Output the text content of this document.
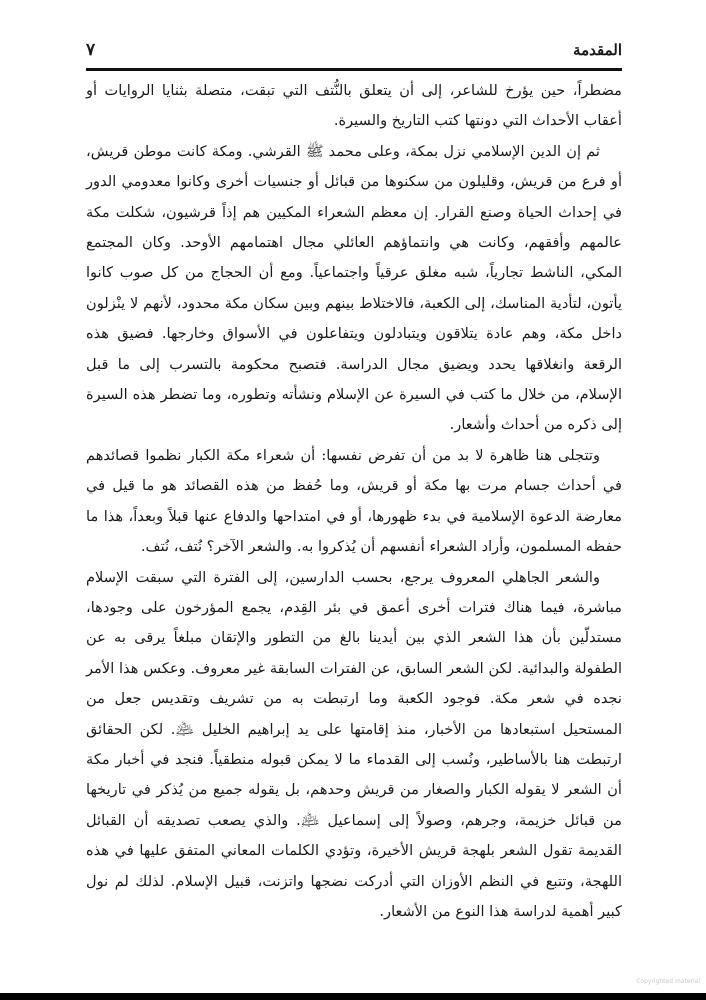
المقدمة
٧

مضطراً، حين يؤرخ للشاعر، إلى أن يتعلق بالنُّتف التي تبقت، متصلة بثنايا الروايات أو أعقاب الأحداث التي دونتها كتب التاريخ والسيرة.

ثم إن الدين الإسلامي نزل بمكة، وعلى محمد ﷺ القرشي. ومكة كانت موطن قريش، أو فرع من قريش، وقليلون من سكنوها من قبائل أو جنسيات أخرى وكانوا معدومي الدور في إحداث الحياة وصنع القرار. إن معظم الشعراء المكيين هم إذاً قرشيون، شكلت مكة عالمهم وأفقهم، وكانت هي وانتماؤهم العائلي مجال اهتمامهم الأوحد. وكان المجتمع المكي، الناشط تجارياً، شبه مغلق عرقياً واجتماعياً. ومع أن الحجاج من كل صوب كانوا يأتون، لتأدية المناسك، إلى الكعبة، فالاختلاط بينهم وبين سكان مكة محدود، لأنهم لا ينْزلون داخل مكة، وهم عادة يتلاقون ويتبادلون ويتفاعلون في الأسواق وخارجها. فضيق هذه الرقعة وانغلاقها يحدد ويضيق مجال الدراسة. فتصبح محكومة بالتسرب إلى ما قبل الإسلام، من خلال ما كتب في السيرة عن الإسلام ونشأته وتطوره، وما تضطر هذه السيرة إلى ذكره من أحداث وأشعار.

وتتجلى هنا ظاهرة لا بد من أن تفرض نفسها: أن شعراء مكة الكبار نظموا قصائدهم في أحداث جسام مرت بها مكة أو قريش، وما حُفظ من هذه القصائد هو ما قيل في معارضة الدعوة الإسلامية في بدء ظهورها، أو في امتداحها والدفاع عنها قبلاً وبعداً، هذا ما حفظه المسلمون، وأراد الشعراء أنفسهم أن يُذكروا به. والشعر الآخر؟ نُتف، نُتف.

والشعر الجاهلي المعروف يرجع، بحسب الدارسين، إلى الفترة التي سبقت الإسلام مباشرة، فيما هناك فترات أخرى أعمق في بئر القِدم، يجمع المؤرخون على وجودها، مستدلّين بأن هذا الشعر الذي بين أيدينا بالغ من التطور والإتقان مبلغاً يرقى به عن الطفولة والبدائية. لكن الشعر السابق، عن الفترات السابقة غير معروف. وعكس هذا الأمر نجده في شعر مكة. فوجود الكعبة وما ارتبطت به من تشريف وتقديس جعل من المستحيل استبعادها من الأخبار، منذ إقامتها على يد إبراهيم الخليل ﵇. لكن الحقائق ارتبطت هنا بالأساطير، ونُسب إلى القدماء ما لا يمكن قبوله منطقياً. فنجد في أخبار مكة أن الشعر لا يقوله الكبار والصغار من قريش وحدهم، بل يقوله جميع من يُذكر في تاريخها من قبائل خزيمة، وجرهم، وصولاً إلى إسماعيل ﵇. والذي يصعب تصديقه أن القبائل القديمة تقول الشعر بلهجة قريش الأخيرة، وتؤدي الكلمات المعاني المتفق عليها في هذه اللهجة، وتتبع في النظم الأوزان التي أدركت نضجها واتزنت، قبيل الإسلام. لذلك لم نول كبير أهمية لدراسة هذا النوع من الأشعار.

Copyrighted material
